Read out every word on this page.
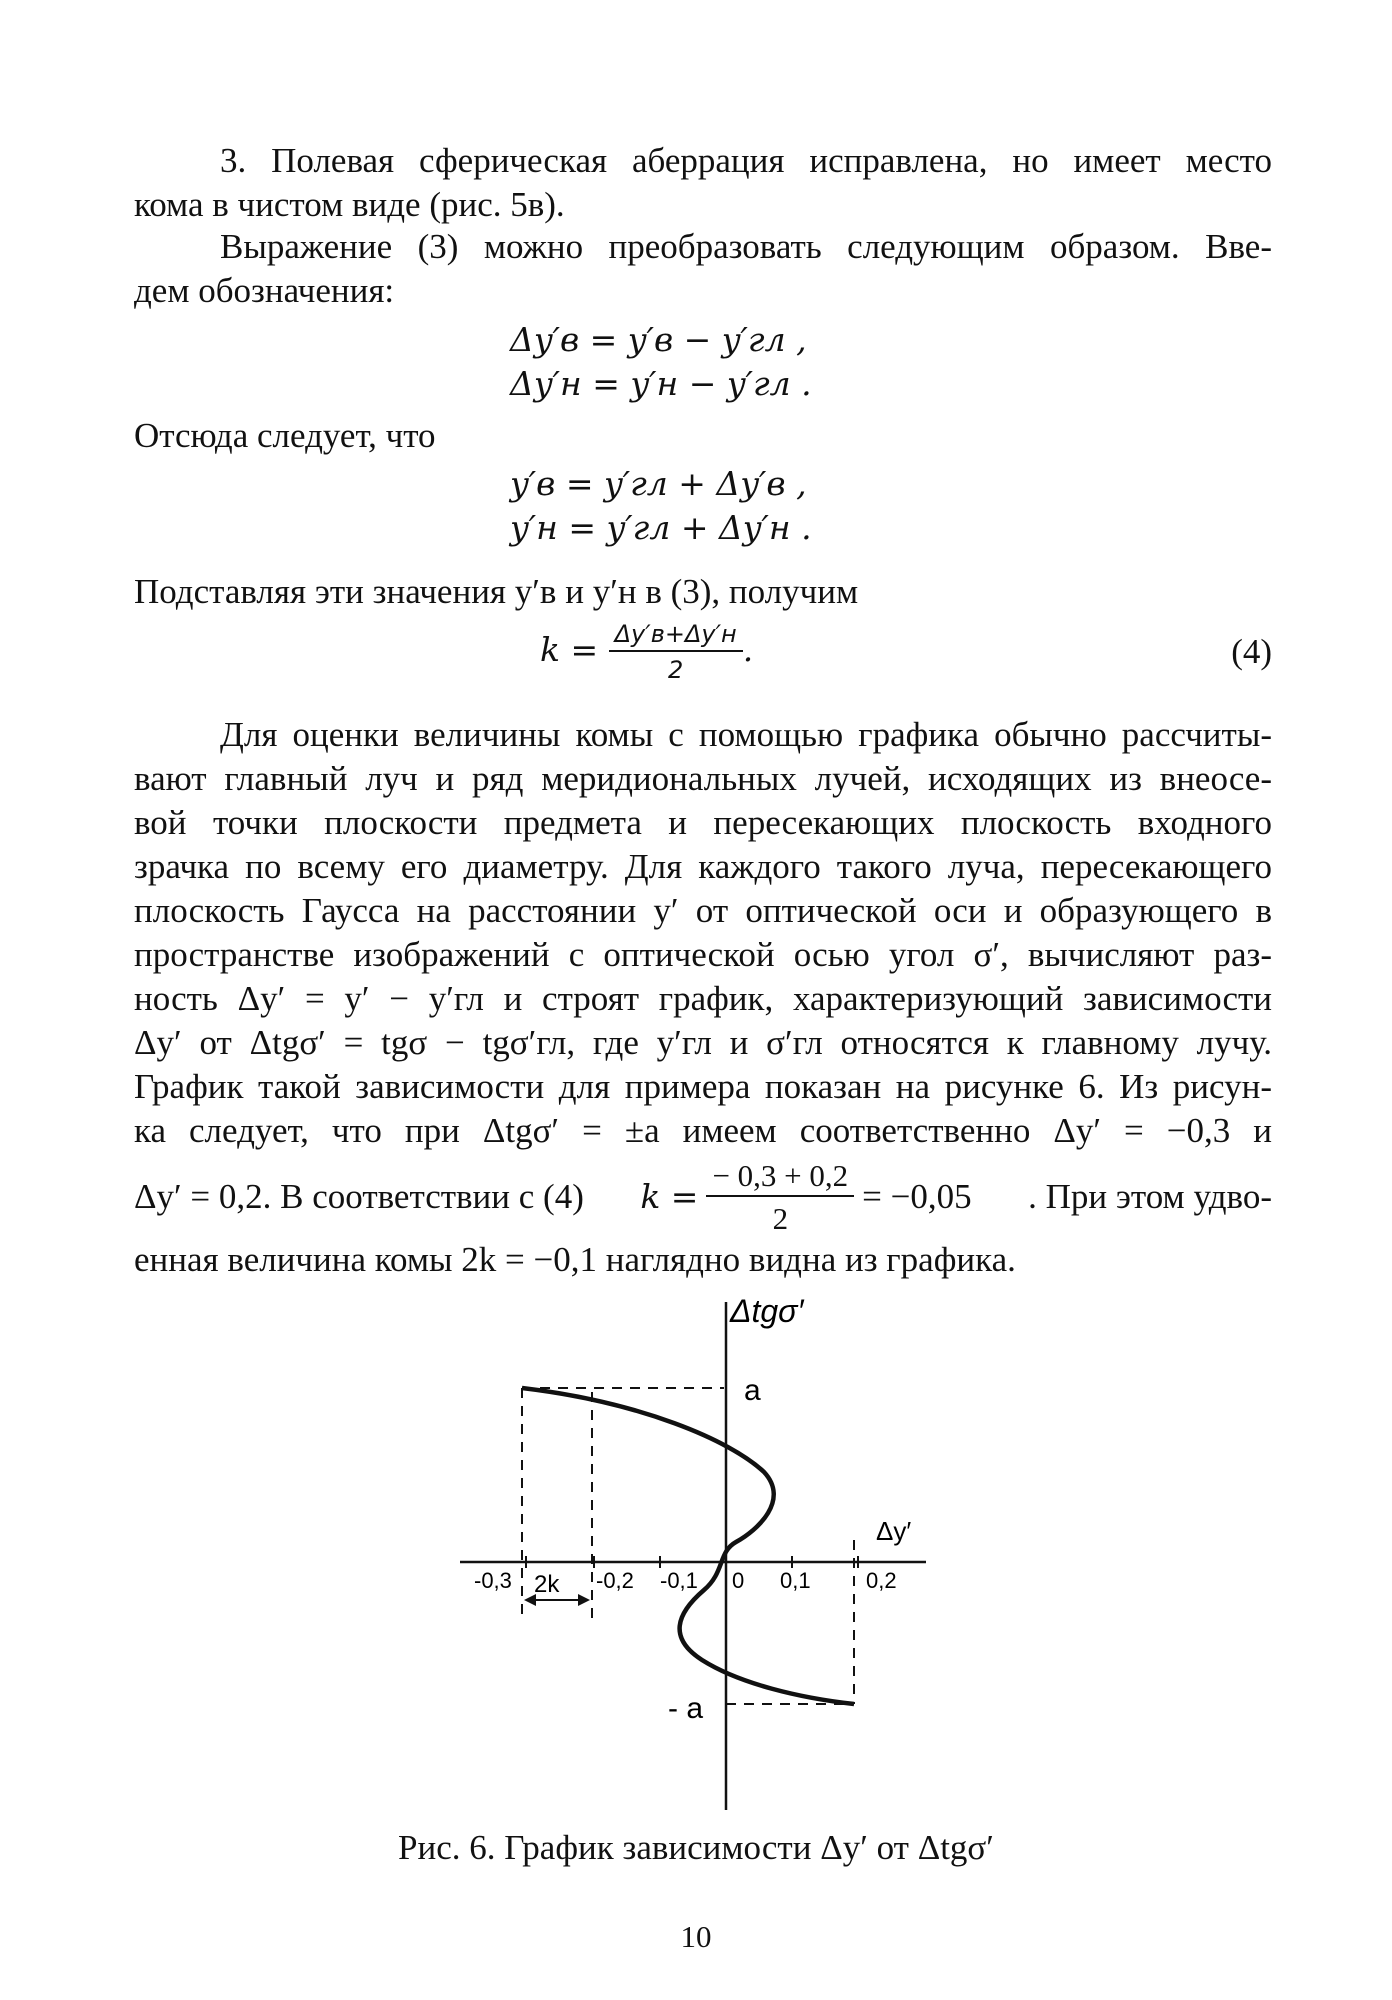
3. Полевая сферическая аберрация исправлена, но имеет место
кома в чистом виде (рис. 5в).
Выражение (3) можно преобразовать следующим образом. Вве-
дем обозначения:
Δy′в = y′в − y′гл ,
Δy′н = y′н − y′гл .
Отсюда следует, что
y′в = y′гл + Δy′в ,
y′н = y′гл + Δy′н .
Подставляя эти значения y′в и y′н в (3), получим
$k = \frac{\Delta y'в+\Delta y'н}{2}$ .	(4)
Для оценки величины комы с помощью графика обычно рассчиты-
вают главный луч и ряд меридиональных лучей, исходящих из внеосе-
вой точки плоскости предмета и пересекающих плоскость входного
зрачка по всему его диаметру. Для каждого такого луча, пересекающего
плоскость Гаусса на расстоянии y′ от оптической оси и образующего в
пространстве изображений с оптической осью угол σ′, вычисляют раз-
ность Δy′ = y′ − y′гл и строят график, характеризующий зависимости
Δy′ от Δtgσ′ = tgσ − tgσ′гл, где y′гл и σ′гл относятся к главному лучу.
График такой зависимости для примера показан на рисунке 6. Из рисун-
ка следует, что при Δtgσ′ = ±a имеем соответственно Δy′ = −0,3 и
Δy′ = 0,2. В соответствии с (4) $k = \frac{- 0,3 + 0,2}{2} = -0,05$ . При этом удво-
енная величина комы 2k = −0,1 наглядно видна из графика.
Δtgσ′
a
- a
Δy′
2k
-0,3	-0,2 -0,1 0 0,1	0,2
Рис. 6. График зависимости Δy′ от Δtgσ′
10
